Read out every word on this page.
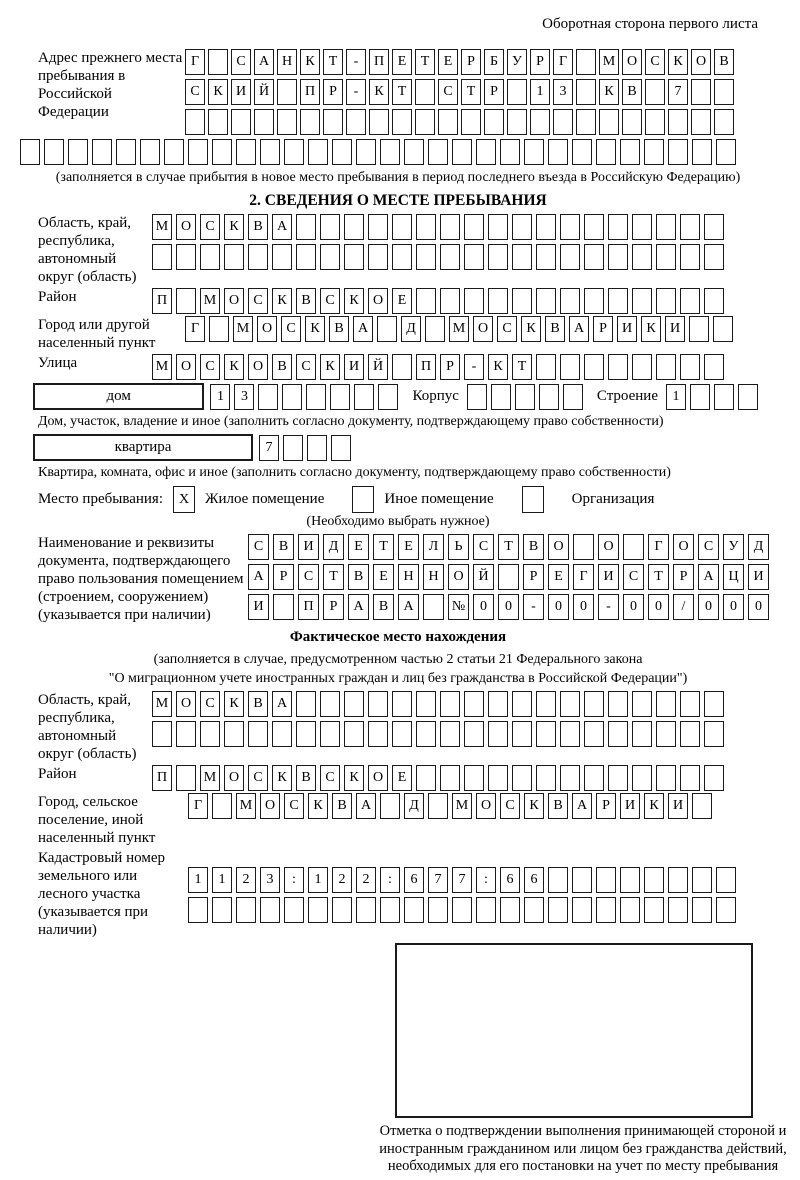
Оборотная сторона первого листа
Адрес прежнего места пребывания в Российской Федерации
Г	С А Н К	Т	-	П Е	Т	Е	Р	Б	У	Р	Г	М О С К О В
С К И Й	П	Р	-	К	Т	С	Т	Р	1	3	К В	7
(заполняется в случае прибытия в новое место пребывания в период последнего въезда в Российскую Федерацию)
2. СВЕДЕНИЯ О МЕСТЕ ПРЕБЫВАНИЯ
Область, край, республика, автономный округ (область)
М О	С	К	В	А
Район	П	М О	С	К	В	С	К	О	Е
Город или другой населенный пункт
Г	М О	С	К	В	А	Д	М О	С	К	В	А	Р	И	К	И
Улица	М О	С	К	О	В	С	К	И Й	П	Р	-	К	Т
дом	1	3	Корпус	Строение	1
Дом, участок, владение и иное (заполнить согласно документу, подтверждающему право собственности)
квартира	7
Квартира, комната, офис и иное (заполнить согласно документу, подтверждающему право собственности)
Место пребывания:	X	Жилое помещение	Иное помещение	Организация
(Необходимо выбрать нужное)
Наименование и реквизиты документа, подтверждающего право пользования помещением (строением, сооружением) (указывается при наличии)
С	В	И	Д	Е	Т	Е	Л	Ь	С	Т	В	О	О	Г	О	С	У	Д
А	Р	С	Т	В	Е	Н	Н	О	Й	Р	Е	Г	И	С	Т	Р	А	Ц	И
И	П	Р	А	В	А	№	0	0	-	0	0	-	0	0	/	0	0	0
Фактическое место нахождения
(заполняется в случае, предусмотренном частью 2 статьи 21 Федерального закона
"О миграционном учете иностранных граждан и лиц без гражданства в Российской Федерации")
Область, край, республика, автономный округ (область)
М О	С	К	В	А
Район	П	М О	С	К	В	С	К	О	Е
Город, сельское поселение, иной населенный пункт
Г	М О	С	К	В	А	Д	М О	С	К	В	А	Р	И	К	И
Кадастровый номер земельного или лесного участка (указывается при наличии)
1	1	2	3	:	1	2	2	:	6	7	7	:	6	6
Отметка о подтверждении выполнения принимающей стороной и иностранным гражданином или лицом без гражданства действий, необходимых для его постановки на учет по месту пребывания
